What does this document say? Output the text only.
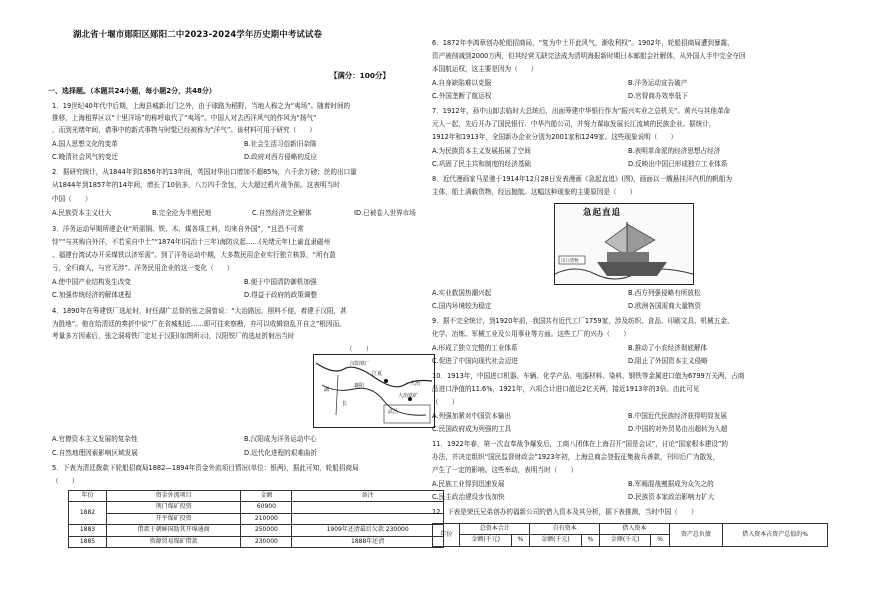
湖北省十堰市郧阳区郧阳二中2023-2024学年历史期中考试试卷
【满分：100分】
一、选择题。（本题共24小题，每小题2分，共48分）
1．19世纪40年代中后期，上海县城新北门之外，由于球路为稻野，当地人称之为“夷场”。随着时间的
推移，上海租界区以“十里洋场”的称呼取代了“夷场”。中国人对去西洋风气的作风为“扬气”
，而到光绪年间，请事中的新式事物与时髦已经被称为“洋气”。该材料可用于研究（　　）
A.国人思想文化的变革	B.社会生活习俗新旧杂陈
C.晚清社会风气的变迁	D.政府对西方侵略的反应
2．据研究统计，从1844年到1856年的13年间，英国对华出口增加不超85%，六千余万磅；丝的出口量
从1844年到1857年的14年间，增长了10倍多，八万四千余包，大大超过鸦片战争前。这表明当时
中国（　　）
A.民族资本主义壮大	B.完全沦为半殖民地	C.自然经济完全解体	ID.已被卷入世界市场
3．洋务运动早期所建企业“所需铜、铁、木、煤各项工料，均来自外国”，“且恐不可常
恃”“与其购自外洋，不若采自中土”“1874年(同治十三年)海防议起……(光绪元年)上谕直隶磁州
、福建台湾试办开采煤铁以济军需”。到了洋务运动中期，大多数民用企业实行独立核算，“所有盈
亏，全归商人，与官无涉”。洋务民用企业的这一变化（　　）
A.使中国产业结构发生改变	B.便于中国清防御机加强
C.加强传统经济的解体进程	D.得益于政府的政策调整
4．1890年在筹建铁厂选址时，时任湖广总督的张之洞曾说：“大冶路远，照料不便，着建于汉阳，甚
为胜地”。他在给清廷的奏折中说“厂在省城相近……即可往来察勘，亦可以收辑窃乱开自之“根因而。
考量多方因素后，张之洞将铁厂定址于汉阳(如图所示)，汉阳铁厂的选址折射出当时
（　　）
汉阳铁厂
大冶铁矿
江夏
湖
襄阳
长
武昌
大冶
A.官僚资本主义发展的复杂性	B.汉阳成为洋务运动中心
C.自然地理因素影响区域发展	D.近代化进程的艰难曲折
5．下表为清廷拨款下轮船招商局1882—1894年资金外流项目情况(单位：银两)，据此可知，轮船招商局
（　　）
年份	资金外流项目	金额	备注
1882	荆门煤矿投资	60900	
	开平煤矿投资	210000	
1883	借款于朝鲜国助其开埠通商	250000	1909年还清最后欠款 230000
1885	资源贸易煤矿借款	230000	1888年还清
6．1872年李鸿章创办轮船招商局，“复为中土开此风气，渐收利权”。1902年，轮船招商局遭到暴露，
资产被削减到2000万两，但其经营无缺完法成为清明海报新时期日本邮船会社解体，从外国人手中完全夺回
本国航运权，这主要是因为（　　）
A.自身缺陷难以克服	B.洋务运动宣告破产
C.外国垄断了航运权	D.官督商办效率低下
7．1912年，孙中山卸去临时大总统后，出面筹建中华银行作为“振兴实业之总机关”。黄兴与其他革命
元人一起，先后开办了国民银行、中华汽船公司，并努力谋取发展长江流域的民族企业。据统计，
1912年和1913年，全国新办企业分别为2001家和1249家。这些现象说明（　　）
A.为民族资本主义发展拓展了空间	B.表明革命派的经济思想占经济
C.巩固了民主共和制度的经济基础	D.反映出中国已形成独立工业体系
8．近代漫画家马星驰于1914年12月28日发表漫画《急起直追》(图)，画面以一艘悬挂洋汽机的帆船为
主体，船上满载货物，经远抛航。这幅这种现象的主要原因是（　　）
急起直追
出口货物
A.实业救国热潮兴起	B.西方列强侵略有所放松
C.国内环境较为稳定	D.欧洲各国需商大量物资
9．据不完全统计，到1920年前，我国共有近代工厂1759家，涉及纺织、食品、印刷文具、机械五金、
化学、冶炼、军械工业及公用事业等方面。这些工厂的兴办（　　）
A.形成了独立完整的工业体系	B.推动了小农经济彻底解体
C.促进了中国向现代社会迈进	D.阻止了外国资本主义侵略
10．1913年，中国进口机器、车辆、化学产品、电器材料、染料、钢铁等金属进口值为6799万关两，占商
品进口净值的11.6%，1921年，六项合计进口值近2亿关两，接近1913年的3倍。由此可见
（　　）
A.列强加紧对中国资本输出	B.中国近代民族经济获得明显发展
C.民国政府成为列强的工具	D.中国的对外贸易由出超转为入超
11．1922年春，第一次直奉战争爆发后，工商八团体在上海召开“国是会议”，讨论“国家根本建设”的
办法，并决定组织“国民监督财政会”1923年初，上海总商会登报征集裁兵善款，刊印后广为散发，
产生了一定的影响。这些举动，表明当时（　　）
A.民族工业得到迅速发展	B.军阀混战割据成为众矢之的
C.民主政治建设步伐加快	D.民族资本家政治影响力扩大
12．下表是荣氏兄弟创办的福新公司的借入资本及其分析，据下表推测，当时中国（　　）
年份	总资本合计		自有资本		借入资本		资产总负债	借入资本占资产总值的%
	金额(千元)	%	金额(千元)	%	金额(千元)	%		
